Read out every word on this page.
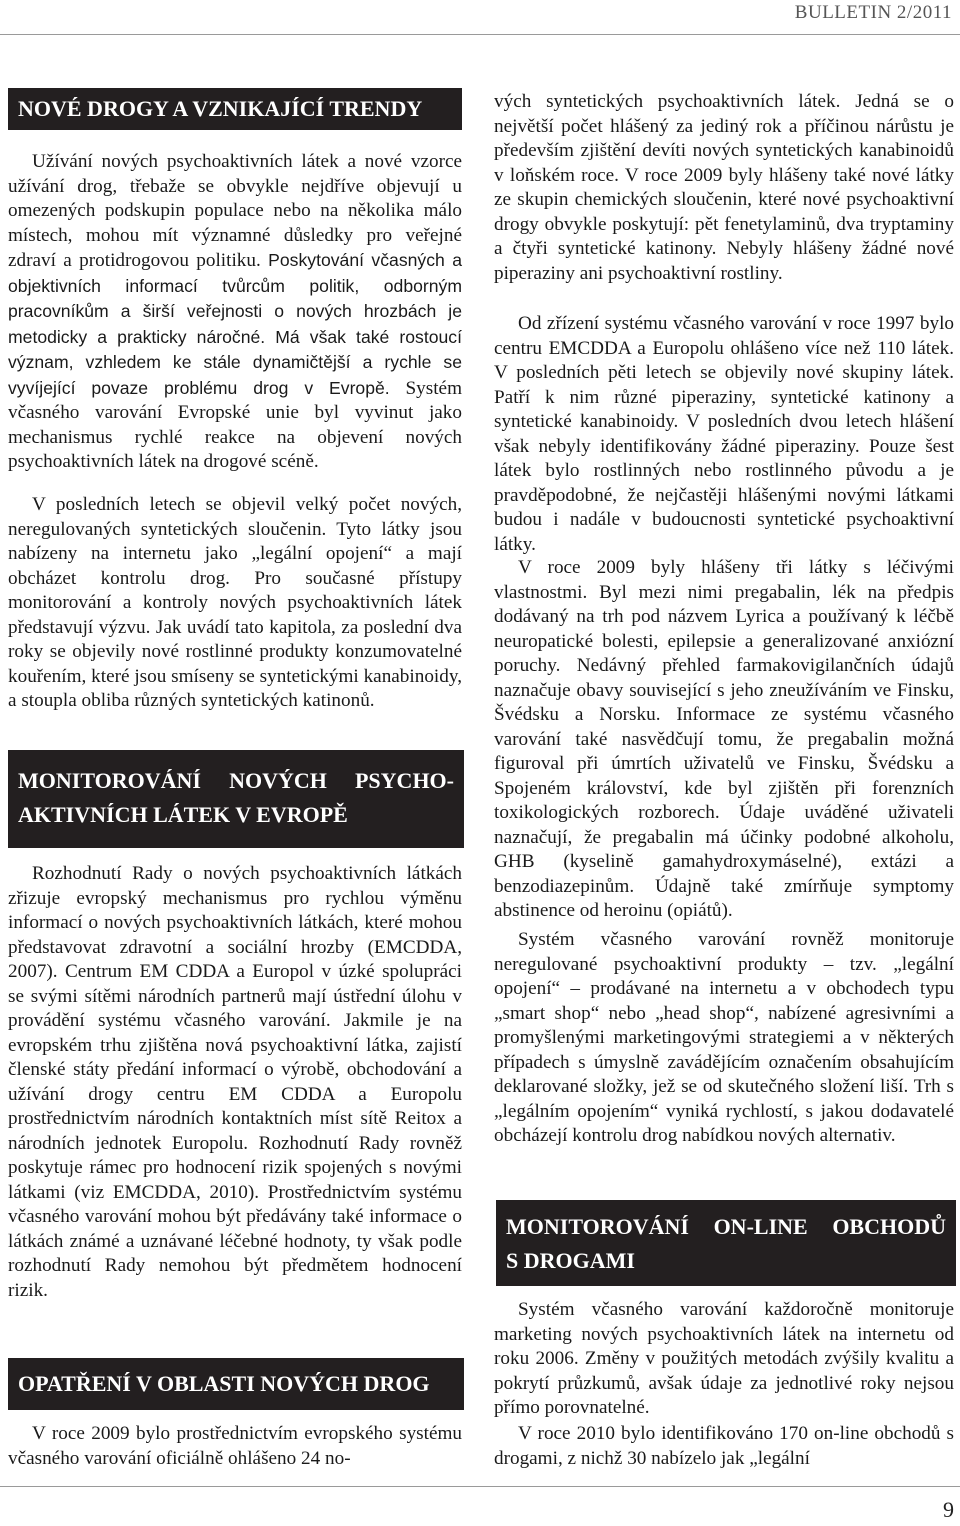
BULLETIN 2/2011
NOVÉ DROGY A VZNIKAJÍCÍ TRENDY
Užívání nových psychoaktivních látek a nové vzorce užívání drog, třebaže se obvykle nejdříve objevují u omezených podskupin populace nebo na několika málo místech, mohou mít významné důsledky pro veřejné zdraví a protidrogovou politiku. Poskytování včasných a objektivních informací tvůrcům politik, odborným pracovníkům a širší veřejnosti o nových hrozbách je metodicky a prakticky náročné. Má však také rostoucí význam, vzhledem ke stále dynamičtější a rychle se vyvíjející povaze problému drog v Evropě. Systém včasného varování Evropské unie byl vyvinut jako mechanismus rychlé reakce na objevení nových psychoaktivních látek na drogové scéně.
V posledních letech se objevil velký počet nových, neregulovaných syntetických sloučenin. Tyto látky jsou nabízeny na internetu jako „legální opojení“ a mají obcházet kontrolu drog. Pro současné přístupy monitorování a kontroly nových psychoaktivních látek představují výzvu. Jak uvádí tato kapitola, za poslední dva roky se objevily nové rostlinné produkty konzumovatelné kouřením, které jsou smíseny se syntetickými kanabinoidy, a stoupla obliba různých syntetických katinonů.
MONITOROVÁNÍ NOVÝCH PSYCHO-
AKTIVNÍCH LÁTEK V EVROPĚ
Rozhodnutí Rady o nových psychoaktivních látkách zřizuje evropský mechanismus pro rychlou výměnu informací o nových psychoaktivních látkách, které mohou představovat zdravotní a sociální hrozby (EMCDDA, 2007). Centrum EM CDDA a Europol v úzké spolupráci se svými sítěmi národních partnerů mají ústřední úlohu v provádění systému včasného varování. Jakmile je na evropském trhu zjištěna nová psychoaktivní látka, zajistí členské státy předání informací o výrobě, obchodování a užívání drogy centru EM CDDA a Europolu prostřednictvím národních kontaktních míst sítě Reitox a národních jednotek Europolu. Rozhodnutí Rady rovněž poskytuje rámec pro hodnocení rizik spojených s novými látkami (viz EMCDDA, 2010). Prostřednictvím systému včasného varování mohou být předávány také informace o látkách známé a uznávané léčebné hodnoty, ty však podle rozhodnutí Rady nemohou být předmětem hodnocení rizik.
OPATŘENÍ V OBLASTI NOVÝCH DROG
V roce 2009 bylo prostřednictvím evropského systému včasného varování oficiálně ohlášeno 24 no-
vých syntetických psychoaktivních látek. Jedná se o největší počet hlášený za jediný rok a příčinou nárůstu je především zjištění devíti nových syntetických kanabinoidů v loňském roce. V roce 2009 byly hlášeny také nové látky ze skupin chemických sloučenin, které nové psychoaktivní drogy obvykle poskytují: pět fenetylaminů, dva tryptaminy a čtyři syntetické katinony. Nebyly hlášeny žádné nové piperaziny ani psychoaktivní rostliny.
Od zřízení systému včasného varování v roce 1997 bylo centru EMCDDA a Europolu ohlášeno více než 110 látek. V posledních pěti letech se objevily nové skupiny látek. Patří k nim různé piperaziny, syntetické katinony a syntetické kanabinoidy. V posledních dvou letech hlášení však nebyly identifikovány žádné piperaziny. Pouze šest látek bylo rostlinných nebo rostlinného původu a je pravděpodobné, že nejčastěji hlášenými novými látkami budou i nadále v budoucnosti syntetické psychoaktivní látky.
V roce 2009 byly hlášeny tři látky s léčivými vlastnostmi. Byl mezi nimi pregabalin, lék na předpis dodávaný na trh pod názvem Lyrica a používaný k léčbě neuropatické bolesti, epilepsie a generalizované anxiózní poruchy. Nedávný přehled farmakovigilančních údajů naznačuje obavy související s jeho zneužíváním ve Finsku, Švédsku a Norsku. Informace ze systému včasného varování také nasvědčují tomu, že pregabalin možná figuroval při úmrtích uživatelů ve Finsku, Švédsku a Spojeném království, kde byl zjištěn při forenzních toxikologických rozborech. Údaje uváděné uživateli naznačují, že pregabalin má účinky podobné alkoholu, GHB (kyselině gamahydroxymáselné), extázi a benzodiazepinům. Údajně také zmírňuje symptomy abstinence od heroinu (opiátů).
Systém včasného varování rovněž monitoruje neregulované psychoaktivní produkty – tzv. „legální opojení“ – prodávané na internetu a v obchodech typu „smart shop“ nebo „head shop“, nabízené agresivními a promyšlenými marketingovými strategiemi a v některých případech s úmyslně zavádějícím označením obsahujícím deklarované složky, jež se od skutečného složení liší. Trh s „legálním opojením“ vyniká rychlostí, s jakou dodavatelé obcházejí kontrolu drog nabídkou nových alternativ.
MONITOROVÁNÍ ON-LINE OBCHODŮ
S DROGAMI
Systém včasného varování každoročně monitoruje marketing nových psychoaktivních látek na internetu od roku 2006. Změny v použitých metodách zvýšily kvalitu a pokrytí průzkumů, avšak údaje za jednotlivé roky nejsou přímo porovnatelné.
V roce 2010 bylo identifikováno 170 on-line obchodů s drogami, z nichž 30 nabízelo jak „legální
9
